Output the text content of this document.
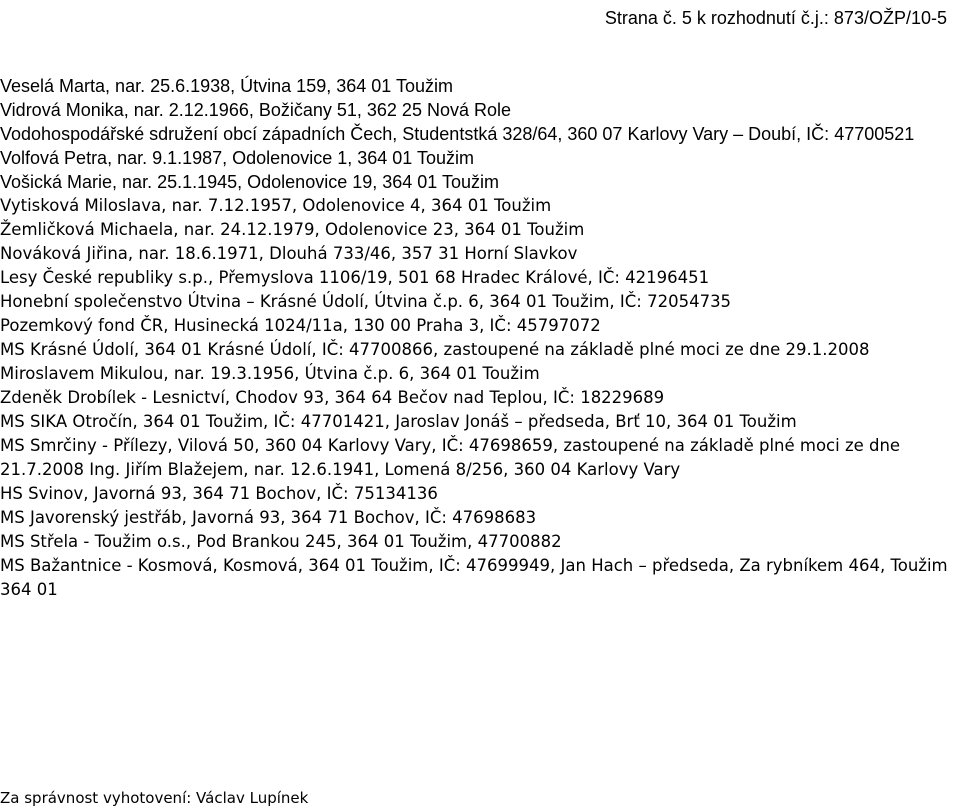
Strana č. 5 k rozhodnutí č.j.: 873/OŽP/10-5
Veselá Marta, nar. 25.6.1938, Útvina 159, 364 01 Toužim
Vidrová Monika, nar. 2.12.1966, Božičany 51, 362 25 Nová Role
Vodohospodářské sdružení obcí západních Čech, Studentstká 328/64, 360 07 Karlovy Vary – Doubí, IČ: 47700521
Volfová Petra, nar. 9.1.1987, Odolenovice 1, 364 01 Toužim
Vošická Marie, nar. 25.1.1945, Odolenovice 19, 364 01 Toužim
Vytisková Miloslava, nar. 7.12.1957, Odolenovice 4, 364 01 Toužim
Žemličková Michaela, nar. 24.12.1979, Odolenovice 23, 364 01 Toužim
Nováková Jiřina, nar. 18.6.1971, Dlouhá 733/46, 357 31 Horní Slavkov
Lesy České republiky s.p., Přemyslova 1106/19, 501 68 Hradec Králové, IČ: 42196451
Honební společenstvo Útvina – Krásné Údolí, Útvina č.p. 6, 364 01 Toužim, IČ: 72054735
Pozemkový fond ČR, Husinecká 1024/11a, 130 00 Praha 3, IČ: 45797072
MS Krásné Údolí, 364 01 Krásné Údolí, IČ: 47700866, zastoupené na základě plné moci ze dne 29.1.2008 Miroslavem Mikulou, nar. 19.3.1956, Útvina č.p. 6, 364 01 Toužim
Zdeněk Drobílek - Lesnictví, Chodov 93, 364 64 Bečov nad Teplou, IČ: 18229689
MS SIKA Otročín, 364 01 Toužim, IČ: 47701421, Jaroslav Jonáš – předseda, Brť 10, 364 01 Toužim
MS Smrčiny - Přílezy, Vilová 50, 360 04 Karlovy Vary, IČ: 47698659, zastoupené na základě plné moci ze dne 21.7.2008 Ing. Jiřím Blažejem, nar. 12.6.1941, Lomená 8/256, 360 04 Karlovy Vary
HS Svinov, Javorná 93, 364 71 Bochov, IČ: 75134136
MS Javorenský jestřáb, Javorná 93, 364 71 Bochov, IČ: 47698683
MS Střela - Toužim o.s., Pod Brankou 245, 364 01 Toužim, 47700882
MS Bažantnice - Kosmová, Kosmová, 364 01 Toužim, IČ: 47699949, Jan Hach – předseda, Za rybníkem 464, Toužim 364 01
Za správnost vyhotovení: Václav Lupínek
